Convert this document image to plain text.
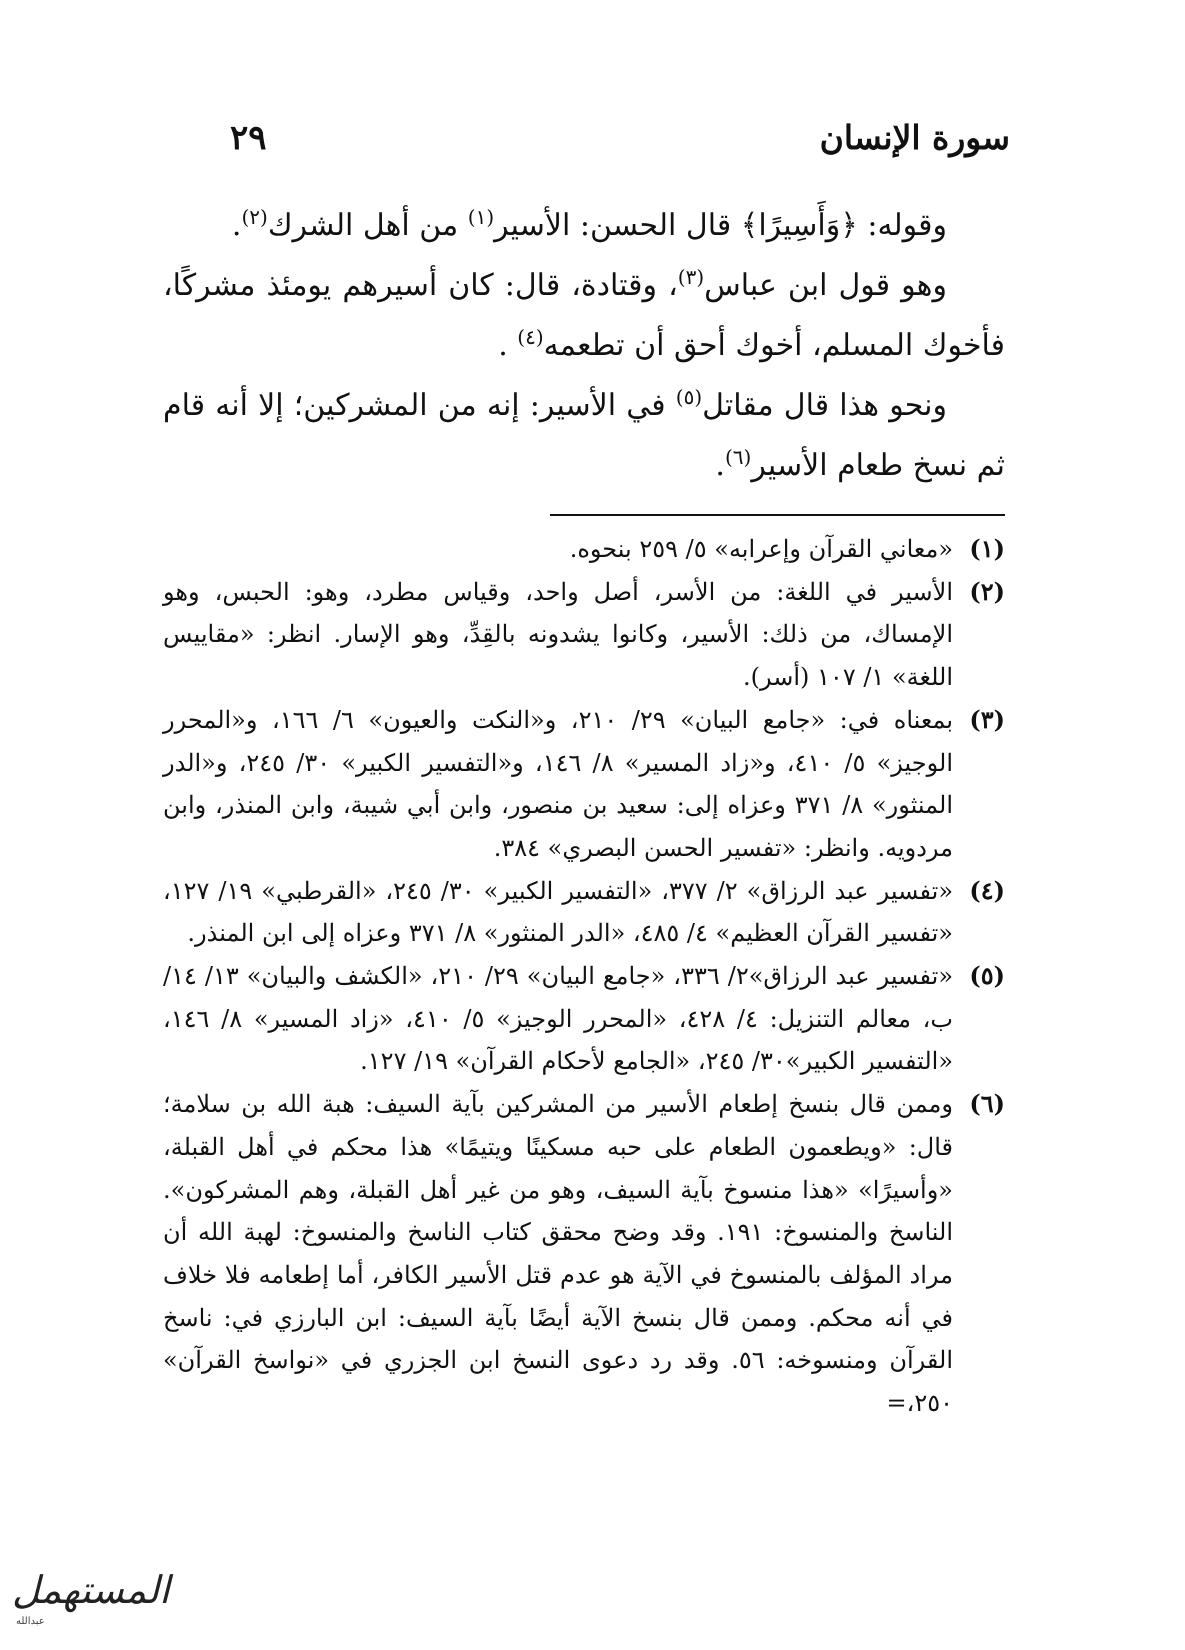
سورة الإنسان
٢٩

وقوله: ﴿وَأَسِيرًا﴾ قال الحسن: الأسير$^{(١)}$ من أهل الشرك$^{(٢)}$.

وهو قول ابن عباس$^{(٣)}$، وقتادة، قال: كان أسيرهم يومئذ مشركًا، فأخوك المسلم، أخوك أحق أن تطعمه$^{(٤)}$ .

ونحو هذا قال مقاتل$^{(٥)}$ في الأسير: إنه من المشركين؛ إلا أنه قام ثم نسخ طعام الأسير$^{(٦)}$.

(١)«معاني القرآن وإعرابه» ٥/ ٢٥٩ بنحوه.

(٢)الأسير في اللغة: من الأسر، أصل واحد، وقياس مطرد، وهو: الحبس، وهو الإمساك، من ذلك: الأسير، وكانوا يشدونه بالقِدِّ، وهو الإسار. انظر: «مقاييس اللغة» ١/ ١٠٧ (أسر).

(٣)بمعناه في: «جامع البيان» ٢٩/ ٢١٠، و«النكت والعيون» ٦/ ١٦٦، و«المحرر الوجيز» ٥/ ٤١٠، و«زاد المسير» ٨/ ١٤٦، و«التفسير الكبير» ٣٠/ ٢٤٥، و«الدر المنثور» ٨/ ٣٧١ وعزاه إلى: سعيد بن منصور، وابن أبي شيبة، وابن المنذر، وابن مردويه. وانظر: «تفسير الحسن البصري» ٣٨٤.

(٤)«تفسير عبد الرزاق» ٢/ ٣٧٧، «التفسير الكبير» ٣٠/ ٢٤٥، «القرطبي» ١٩/ ١٢٧، «تفسير القرآن العظيم» ٤/ ٤٨٥، «الدر المنثور» ٨/ ٣٧١ وعزاه إلى ابن المنذر.

(٥)«تفسير عبد الرزاق»٢/ ٣٣٦، «جامع البيان» ٢٩/ ٢١٠، «الكشف والبيان» ١٣/ ١٤/ب، معالم التنزيل: ٤/ ٤٢٨، «المحرر الوجيز» ٥/ ٤١٠، «زاد المسير» ٨/ ١٤٦، «التفسير الكبير»٣٠/ ٢٤٥، «الجامع لأحكام القرآن» ١٩/ ١٢٧.

(٦)وممن قال بنسخ إطعام الأسير من المشركين بآية السيف: هبة الله بن سلامة؛ قال: «ويطعمون الطعام على حبه مسكينًا ويتيمًا» هذا محكم في أهل القبلة، «وأسيرًا» «هذا منسوخ بآية السيف، وهو من غير أهل القبلة، وهم المشركون». الناسخ والمنسوخ: ١٩١. وقد وضح محقق كتاب الناسخ والمنسوخ: لهبة الله أن مراد المؤلف بالمنسوخ في الآية هو عدم قتل الأسير الكافر، أما إطعامه فلا خلاف في أنه محكم. وممن قال بنسخ الآية أيضًا بآية السيف: ابن البارزي في: ناسخ القرآن ومنسوخه: ٥٦. وقد رد دعوى النسخ ابن الجزري في «نواسخ القرآن» ٢٥٠،=

المستهمل
عبدالله
